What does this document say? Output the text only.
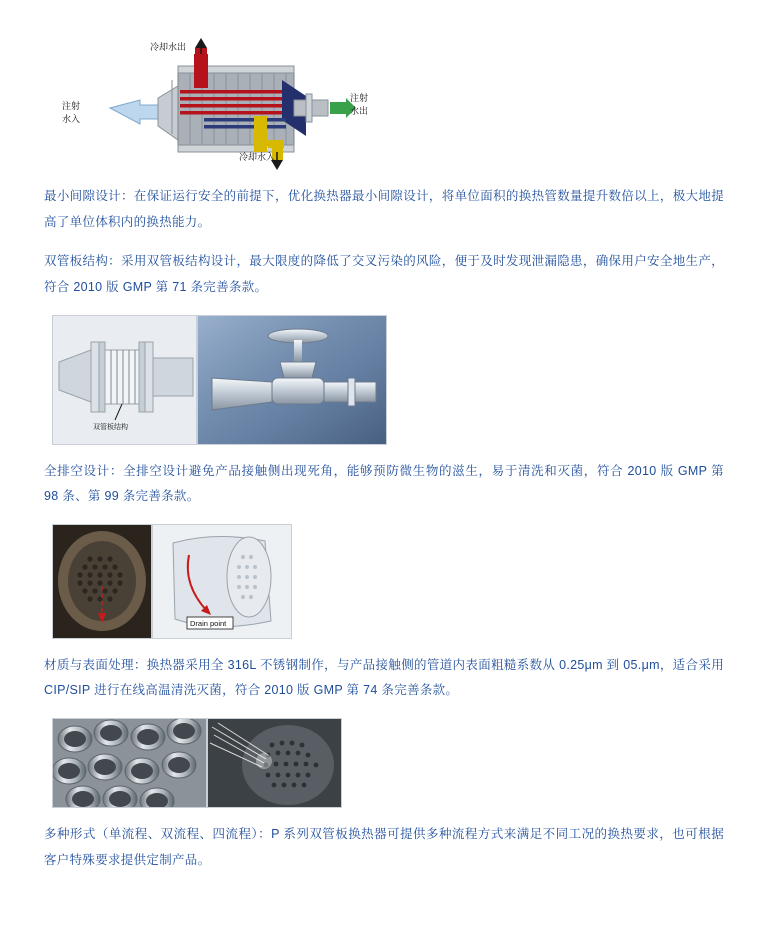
冷却水出
冷却水入
注射
水入
注射
水出

最小间隙设计：在保证运行安全的前提下，优化换热器最小间隙设计，将单位面积的换热管数量提升数倍以上，极大地提高了单位体积内的换热能力。

双管板结构：采用双管板结构设计，最大限度的降低了交叉污染的风险，便于及时发现泄漏隐患，确保用户安全地生产，符合 2010 版 GMP 第 71 条完善条款。

双管板结构

全排空设计：全排空设计避免产品接触侧出现死角，能够预防微生物的滋生，易于清洗和灭菌，符合 2010 版 GMP 第 98 条、第 99 条完善条款。

Drain point

材质与表面处理：换热器采用全 316L 不锈钢制作，与产品接触侧的管道内表面粗糙系数从 0.25μm 到 05.μm，适合采用 CIP/SIP 进行在线高温清洗灭菌，符合 2010 版 GMP 第 74 条完善条款。

多种形式（单流程、双流程、四流程）：P 系列双管板换热器可提供多种流程方式来满足不同工况的换热要求，也可根据客户特殊要求提供定制产品。
